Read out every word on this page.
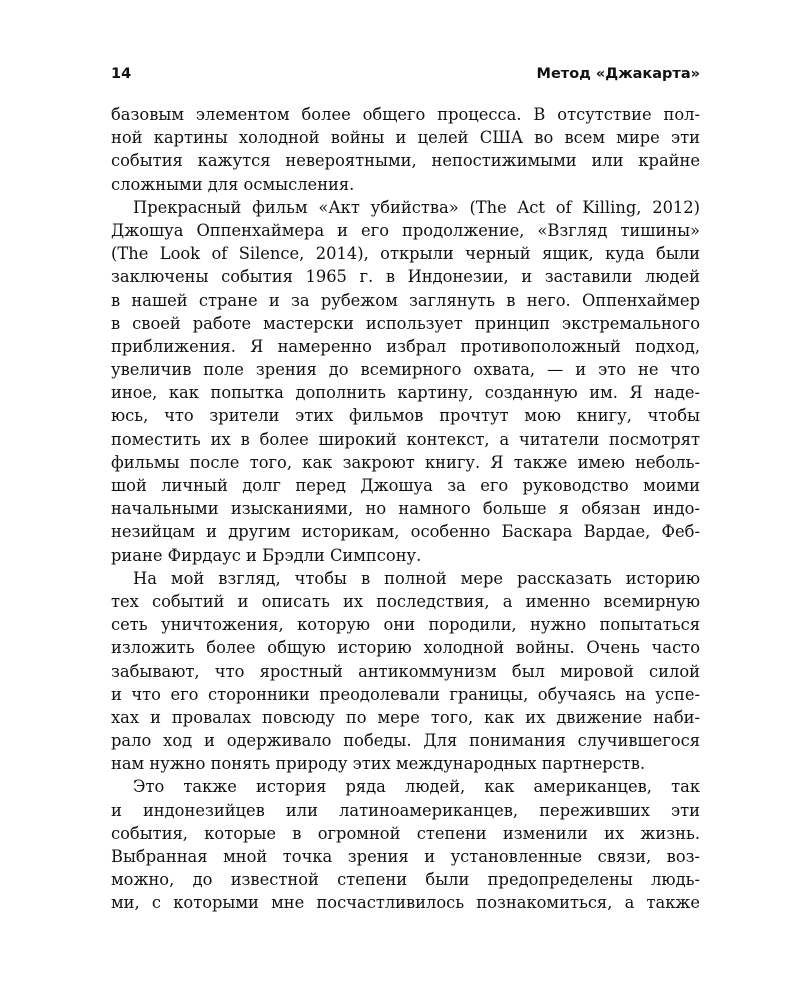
14	Метод «Джакарта»
базовым элементом более общего процесса. В отсутствие пол-
ной картины холодной войны и целей США во всем мире эти
события кажутся невероятными, непостижимыми или крайне
сложными для осмысления.
Прекрасный фильм «Акт убийства» (The Act of Killing, 2012)
Джошуа Оппенхаймера и его продолжение, «Взгляд тишины»
(The Look of Silence, 2014), открыли черный ящик, куда были
заключены события 1965 г. в Индонезии, и заставили людей
в нашей стране и за рубежом заглянуть в него. Оппенхаймер
в своей работе мастерски использует принцип экстремального
приближения. Я намеренно избрал противоположный подход,
увеличив поле зрения до всемирного охвата, — и это не что
иное, как попытка дополнить картину, созданную им. Я наде-
юсь, что зрители этих фильмов прочтут мою книгу, чтобы
поместить их в более широкий контекст, а читатели посмотрят
фильмы после того, как закроют книгу. Я также имею неболь-
шой личный долг перед Джошуа за его руководство моими
начальными изысканиями, но намного больше я обязан индо-
незийцам и другим историкам, особенно Баскара Вардае, Феб-
риане Фирдаус и Брэдли Симпсону.
На мой взгляд, чтобы в полной мере рассказать историю
тех событий и описать их последствия, а именно всемирную
сеть уничтожения, которую они породили, нужно попытаться
изложить более общую историю холодной войны. Очень часто
забывают, что яростный антикоммунизм был мировой силой
и что его сторонники преодолевали границы, обучаясь на успе-
хах и провалах повсюду по мере того, как их движение наби-
рало ход и одерживало победы. Для понимания случившегося
нам нужно понять природу этих международных партнерств.
Это также история ряда людей, как американцев, так
и индонезийцев или латиноамериканцев, переживших эти
события, которые в огромной степени изменили их жизнь.
Выбранная мной точка зрения и установленные связи, воз-
можно, до известной степени были предопределены людь-
ми, с которыми мне посчастливилось познакомиться, а также
